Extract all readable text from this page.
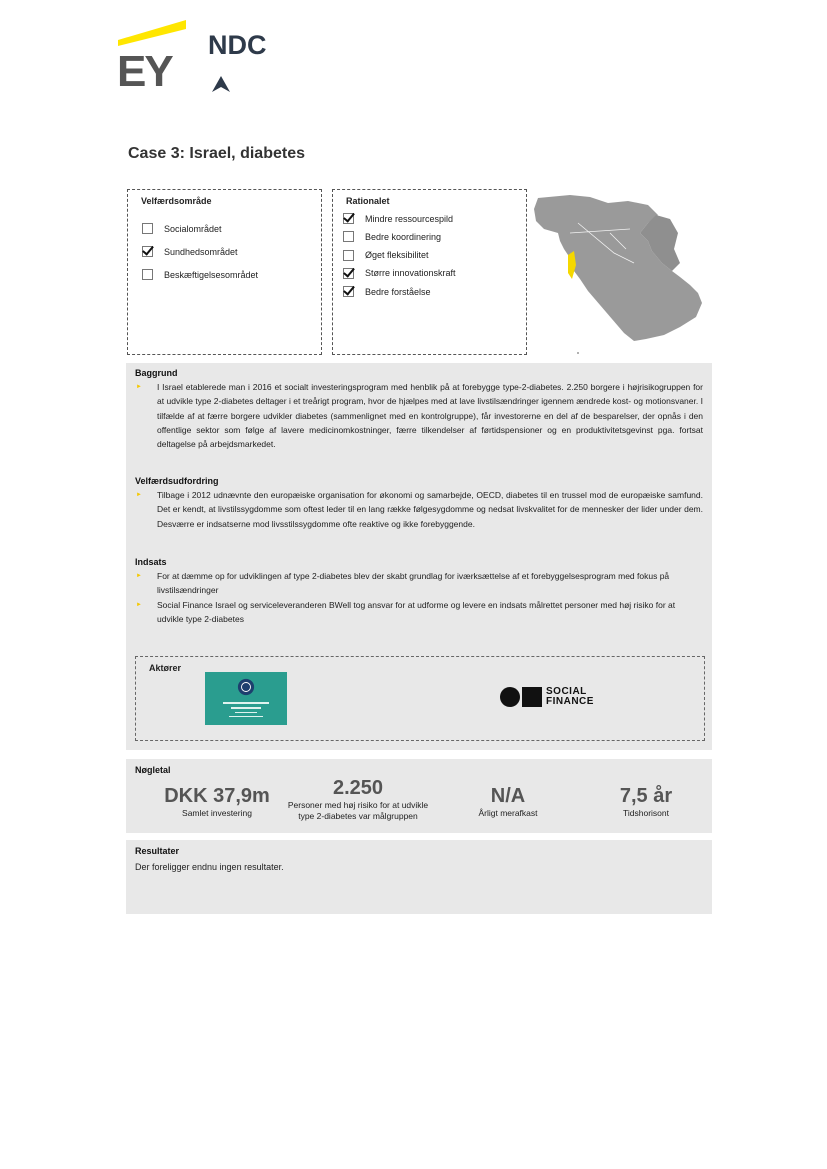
EY
NDC
Case 3: Israel, diabetes
Velfærdsområde
Socialområdet
Sundhedsområdet
Beskæftigelsesområdet
Rationalet
Mindre ressourcespild
Bedre koordinering
Øget fleksibilitet
Større innovationskraft
Bedre forståelse
Baggrund
► I Israel etablerede man i 2016 et socialt investeringsprogram med henblik på at forebygge type-2-diabetes. 2.250 borgere i højrisikogruppen for at udvikle type 2-diabetes deltager i et treårigt program, hvor de hjælpes med at lave livstilsændringer igennem ændrede kost- og motionsvaner. I tilfælde af at færre borgere udvikler diabetes (sammenlignet med en kontrolgruppe), får investorerne en del af de besparelser, der opnås i den offentlige sektor som følge af lavere medicinomkostninger, færre tilkendelser af førtidspensioner og en produktivitetsgevinst pga. fortsat deltagelse på arbejdsmarkedet.
Velfærdsudfordring
► Tilbage i 2012 udnævnte den europæiske organisation for økonomi og samarbejde, OECD, diabetes til en trussel mod de europæiske samfund. Det er kendt, at livstilssygdomme som oftest leder til en lang række følgesygdomme og nedsat livskvalitet for de mennesker der lider under dem. Desværre er indsatserne mod livsstilssygdomme ofte reaktive og ikke forebyggende.
Indsats
► For at dæmme op for udviklingen af type 2-diabetes blev der skabt grundlag for iværksættelse af et forebyggelsesprogram med fokus på livstilsændringer
► Social Finance Israel og serviceleveranderen BWell tog ansvar for at udforme og levere en indsats målrettet personer med høj risiko for at udvikle type 2-diabetes
Aktører
SOCIAL
FINANCE
Nøgletal
DKK 37,9m
Samlet investering
2.250
Personer med høj risiko for at udvikle type 2-diabetes var målgruppen
N/A
Årligt merafkast
7,5 år
Tidshorisont
Resultater
Der foreligger endnu ingen resultater.
